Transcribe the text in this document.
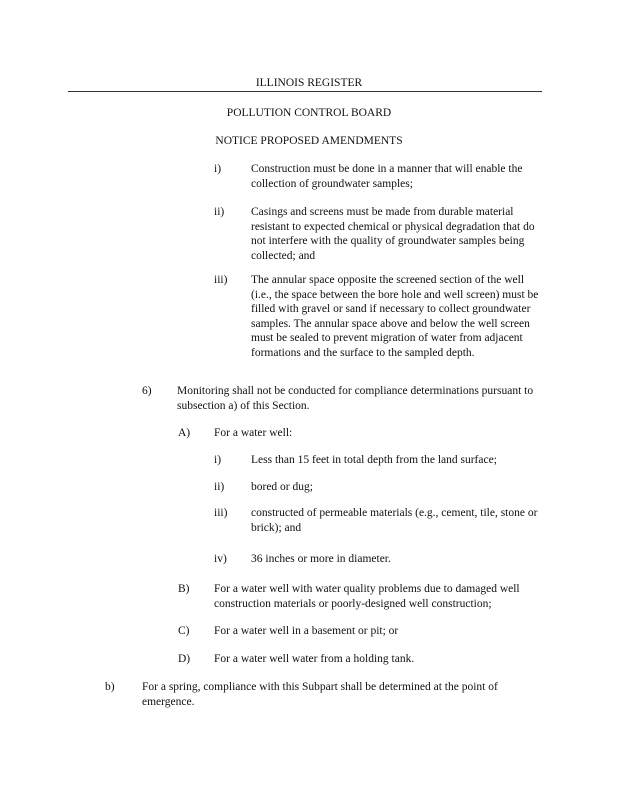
ILLINOIS REGISTER
POLLUTION CONTROL BOARD
NOTICE PROPOSED AMENDMENTS
i)	Construction must be done in a manner that will enable the collection of groundwater samples;
ii) Casings and screens must be made from durable material resistant to expected chemical or physical degradation that do not interfere with the quality of groundwater samples being collected; and
iii) The annular space opposite the screened section of the well (i.e., the space between the bore hole and well screen) must be filled with gravel or sand if necessary to collect groundwater samples. The annular space above and below the well screen must be sealed to prevent migration of water from adjacent formations and the surface to the sampled depth.
6) Monitoring shall not be conducted for compliance determinations pursuant to subsection a) of this Section.
A) For a water well:
i)	Less than 15 feet in total depth from the land surface;
ii) bored or dug;
iii) constructed of permeable materials (e.g., cement, tile, stone or brick); and
iv) 36 inches or more in diameter.
B) For a water well with water quality problems due to damaged well construction materials or poorly-designed well construction;
C) For a water well in a basement or pit; or
D) For a water well water from a holding tank.
b) For a spring, compliance with this Subpart shall be determined at the point of emergence.
